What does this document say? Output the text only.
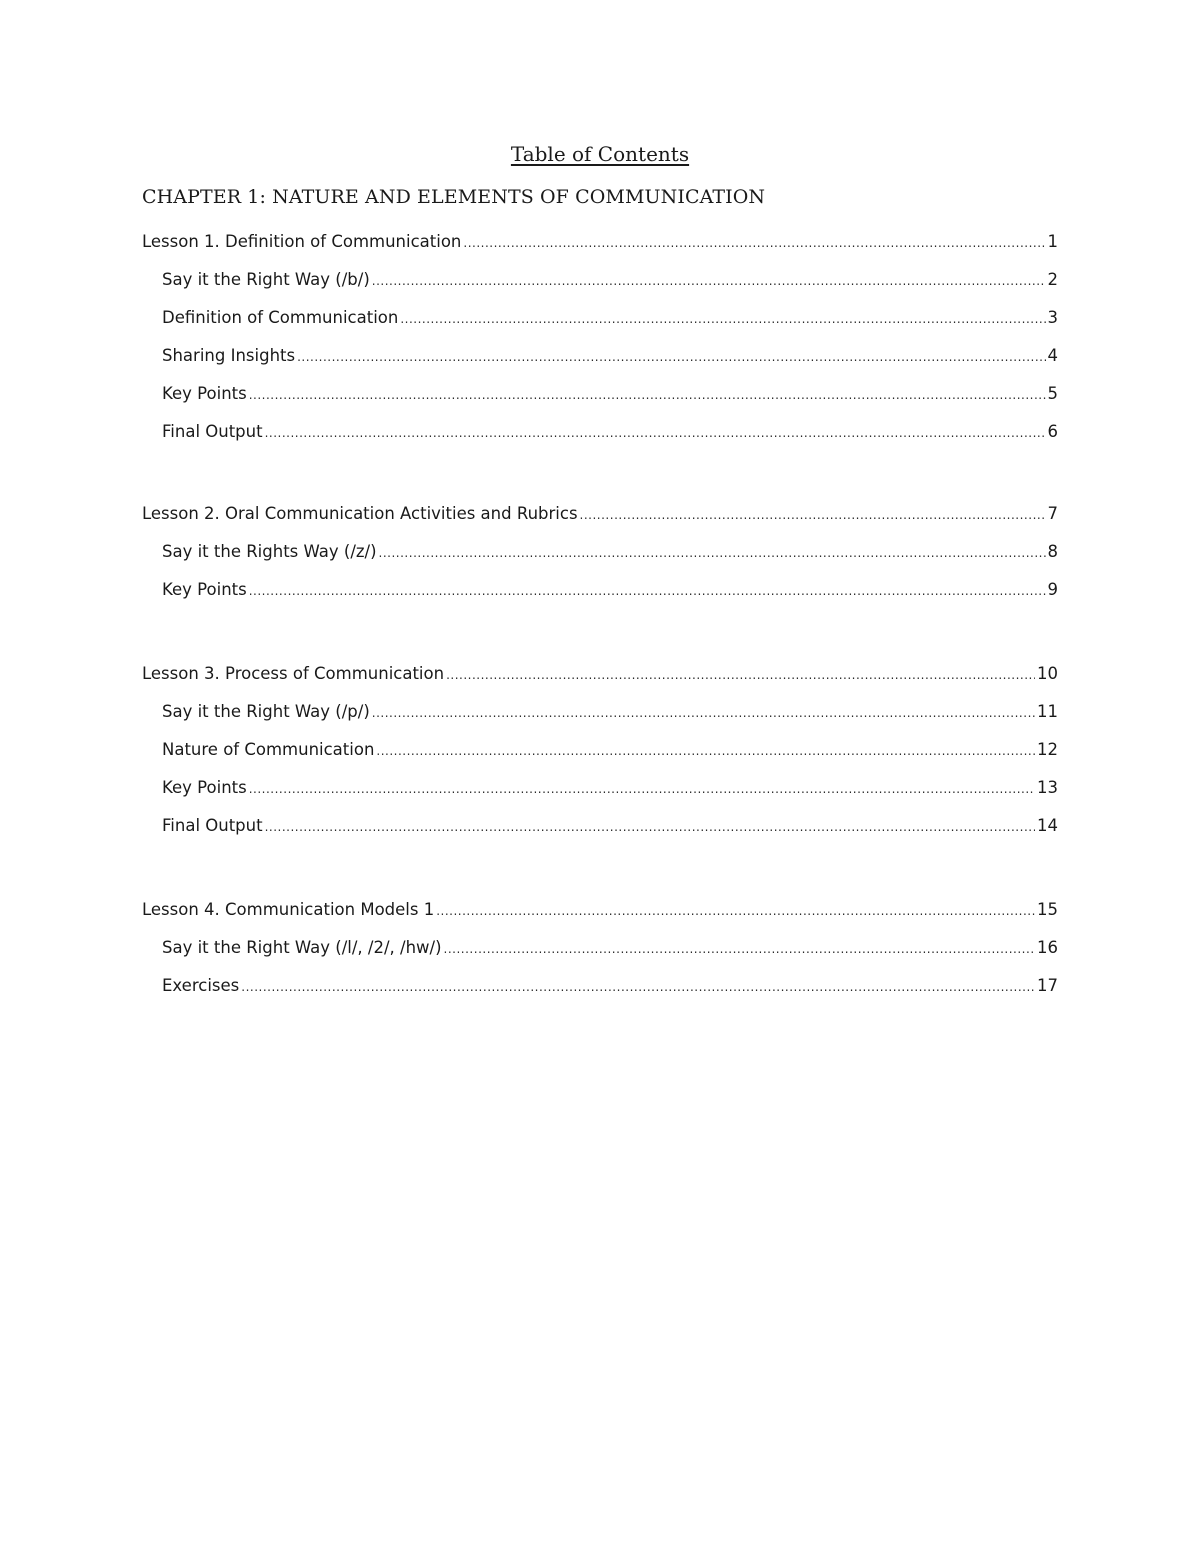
Table of Contents
CHAPTER 1: NATURE AND ELEMENTS OF COMMUNICATION
Lesson 1. Definition of Communication .....	1
Say it the Right Way (/b/) .....	2
Definition of Communication .....	3
Sharing Insights .....	4
Key Points .....	5
Final Output .....	6
Lesson 2. Oral Communication Activities and Rubrics .....	7
Say it the Rights Way (/z/) .....	8
Key Points .....	9
Lesson 3. Process of Communication .....	10
Say it the Right Way (/p/) .....	11
Nature of Communication .....	12
Key Points .....	13
Final Output .....	14
Lesson 4. Communication Models 1 .....	15
Say it the Right Way (/l/, /2/, /hw/) .....	16
Exercises .....	17
